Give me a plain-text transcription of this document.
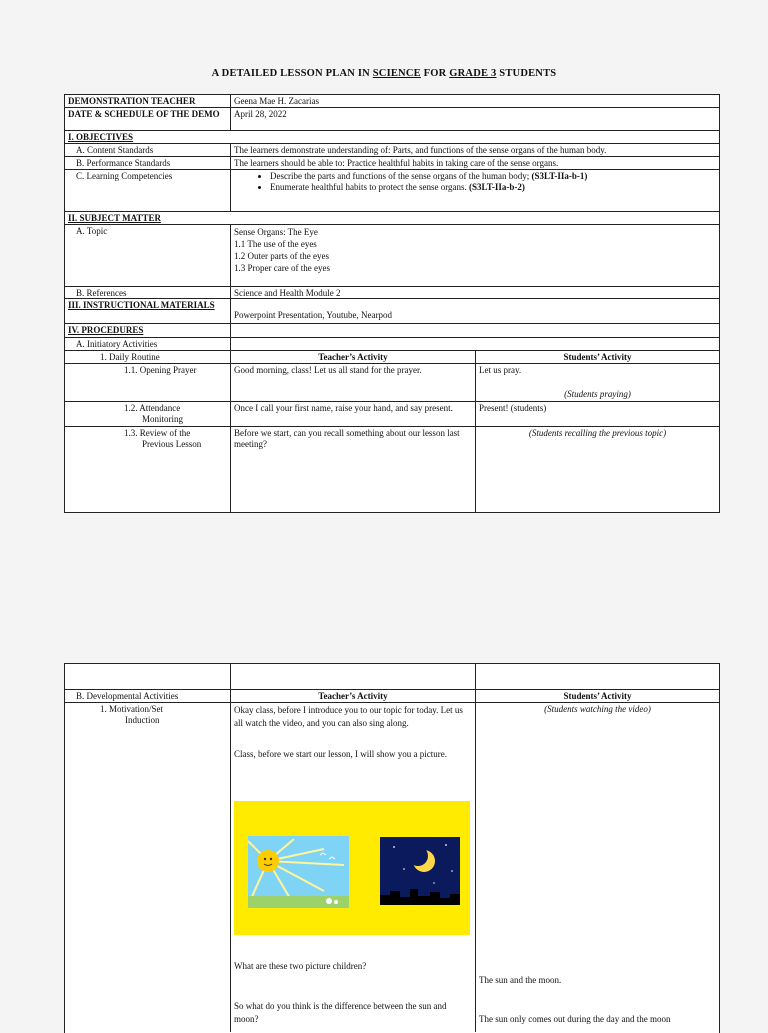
A DETAILED LESSON PLAN IN SCIENCE FOR GRADE 3 STUDENTS
DEMONSTRATION TEACHER	Geena Mae H. Zacarias
DATE & SCHEDULE OF THE DEMO	April 28, 2022
I. OBJECTIVES
A. Content Standards	The learners demonstrate understanding of: Parts, and functions of the sense organs of the human body.
B. Performance Standards	The learners should be able to: Practice healthful habits in taking care of the sense organs.
C. Learning Competencies
•	Describe the parts and functions of the sense organs of the human body; (S3LT-IIa-b-1)
• Enumerate healthful habits to protect the sense organs. (S3LT-IIa-b-2)
II. SUBJECT MATTER
A. Topic	Sense Organs: The Eye
1.1 The use of the eyes
1.2 Outer parts of the eyes
1.3 Proper care of the eyes
B. References	Science and Health Module 2
III. INSTRUCTIONAL MATERIALS
Powerpoint Presentation, Youtube, Nearpod
IV. PROCEDURES
A. Initiatory Activities
1. Daily Routine	Teacher’s Activity	Students’ Activity
1.1. Opening Prayer	Good morning, class! Let us all stand for the prayer.	Let us pray.
(Students praying)
1.2. Attendance
Monitoring
Once I call your first name, raise your hand, and say present.	Present! (students)
1.3. Review of the
Previous Lesson
Before we start, can you recall something about our lesson last meeting?
(Students recalling the previous topic)
B. Developmental Activities	Teacher’s Activity	Students’ Activity
1. Motivation/Set
Induction
Okay class, before I introduce you to our topic for today. Let us all watch the video, and you can also sing along.
Class, before we start our lesson, I will show you a picture.
(Students watching the video)
What are these two picture children?
So what do you think is the difference between the sun and moon?
The sun and the moon.
The sun only comes out during the day and the moon
